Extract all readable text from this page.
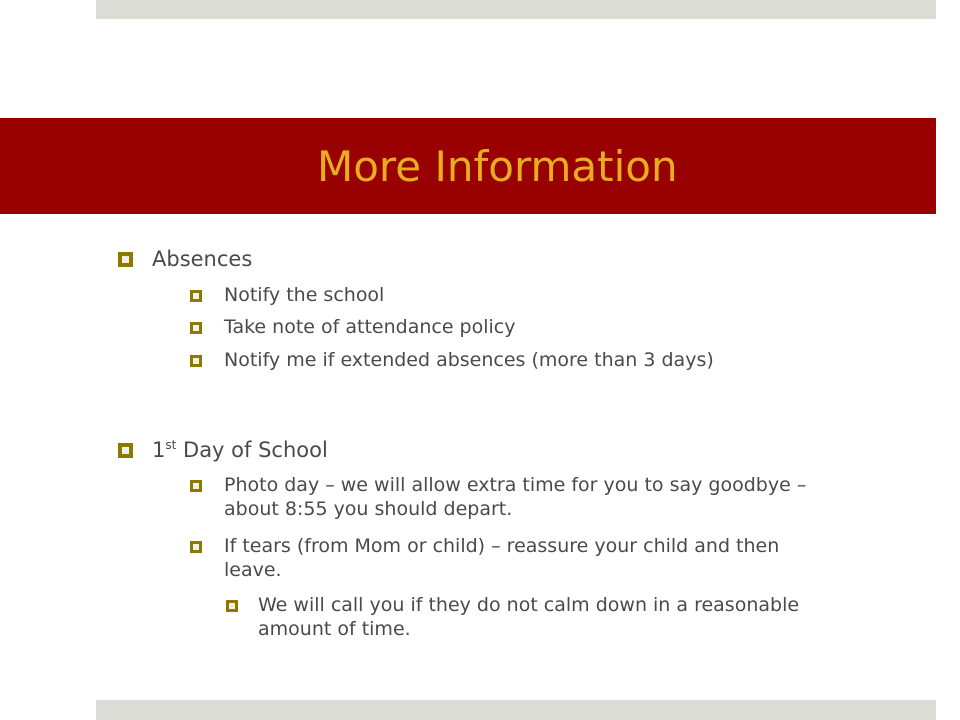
More Information
Absences
Notify the school
Take note of attendance policy
Notify me if extended absences (more than 3 days)
1st Day of School
Photo day – we will allow extra time for you to say goodbye –
about 8:55 you should depart.
If tears (from Mom or child) – reassure your child and then
leave.
We will call you if they do not calm down in a reasonable
amount of time.
